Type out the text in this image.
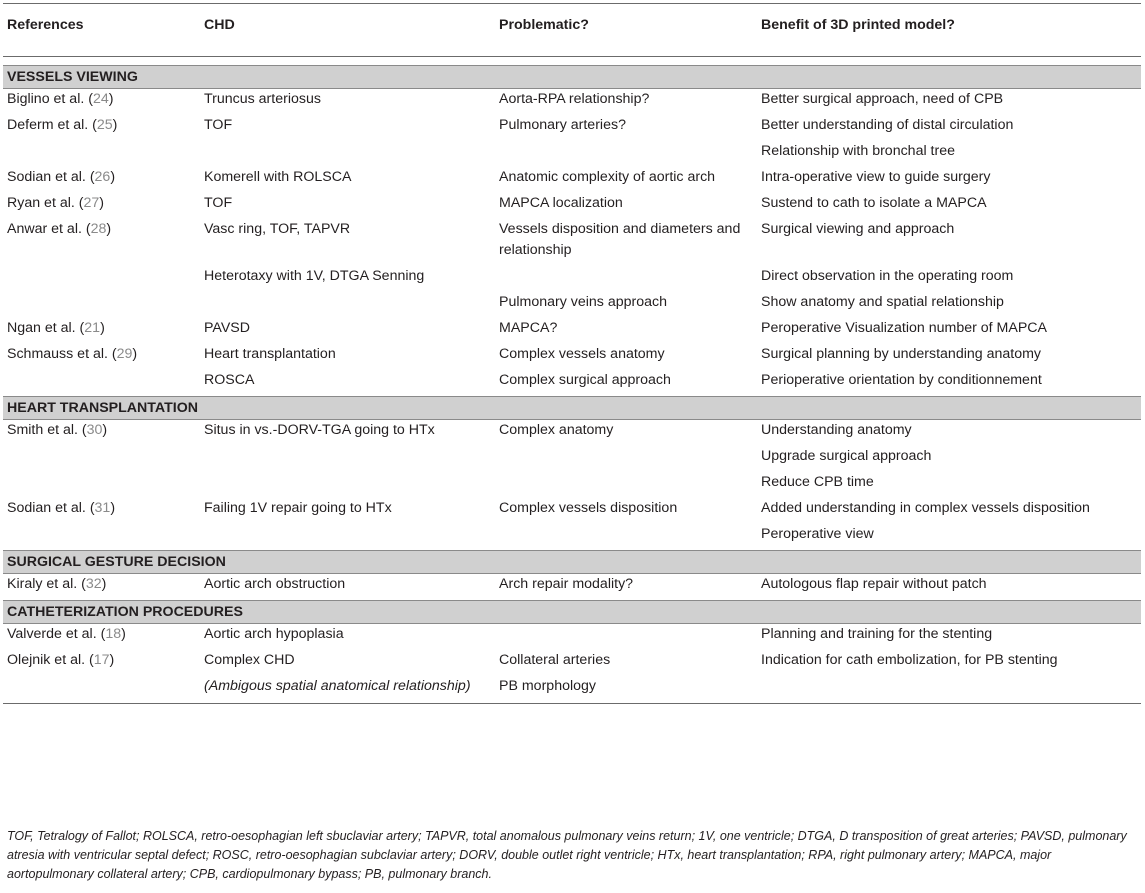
References	CHD	Problematic?	Benefit of 3D printed model?

VESSELS VIEWING			
Biglino et al. (24)	Truncus arteriosus	Aorta-RPA relationship?	Better surgical approach, need of CPB
Deferm et al. (25)	TOF	Pulmonary arteries?	Better understanding of distal circulation
			Relationship with bronchal tree
Sodian et al. (26)	Komerell with ROLSCA	Anatomic complexity of aortic arch	Intra-operative view to guide surgery
Ryan et al. (27)	TOF	MAPCA localization	Sustend to cath to isolate a MAPCA
Anwar et al. (28)	Vasc ring, TOF, TAPVR	Vessels disposition and diameters and relationship	Surgical viewing and approach
	Heterotaxy with 1V, DTGA Senning		Direct observation in the operating room
		Pulmonary veins approach	Show anatomy and spatial relationship
Ngan et al. (21)	PAVSD	MAPCA?	Peroperative Visualization number of MAPCA
Schmauss et al. (29)	Heart transplantation	Complex vessels anatomy	Surgical planning by understanding anatomy
	ROSCA	Complex surgical approach	Perioperative orientation by conditionnement
HEART TRANSPLANTATION			
Smith et al. (30)	Situs in vs.-DORV-TGA going to HTx	Complex anatomy	Understanding anatomy
			Upgrade surgical approach
			Reduce CPB time
Sodian et al. (31)	Failing 1V repair going to HTx	Complex vessels disposition	Added understanding in complex vessels disposition
			Peroperative view
SURGICAL GESTURE DECISION			
Kiraly et al. (32)	Aortic arch obstruction	Arch repair modality?	Autologous flap repair without patch
CATHETERIZATION PROCEDURES			
Valverde et al. (18)	Aortic arch hypoplasia		Planning and training for the stenting
Olejnik et al. (17)	Complex CHD	Collateral arteries	Indication for cath embolization, for PB stenting
	(Ambigous spatial anatomical relationship)	PB morphology	

TOF, Tetralogy of Fallot; ROLSCA, retro-oesophagian left sbuclaviar artery; TAPVR, total anomalous pulmonary veins return; 1V, one ventricle; DTGA, D transposition of great arteries; PAVSD, pulmonary atresia with ventricular septal defect; ROSC, retro-oesophagian subclaviar artery; DORV, double outlet right ventricle; HTx, heart transplantation; RPA, right pulmonary artery; MAPCA, major aortopulmonary collateral artery; CPB, cardiopulmonary bypass; PB, pulmonary branch.
